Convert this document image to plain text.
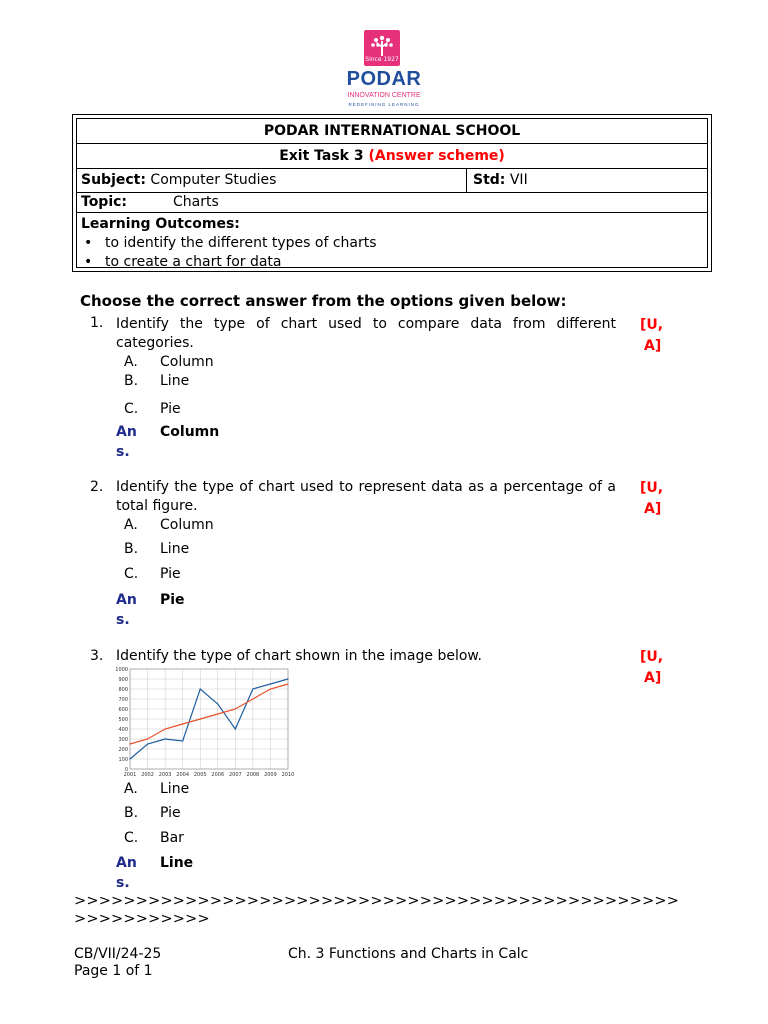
Since 1927
PODAR
INNOVATION CENTRE
REDEFINING LEARNING
PODAR INTERNATIONAL SCHOOL
Exit Task 3 (Answer scheme)
Subject: Computer Studies	Std: VII
Topic:	Charts
Learning Outcomes:
• to identify the different types of charts
• to create a chart for data
Choose the correct answer from the options given below:
1. Identify the type of chart used to compare data from different categories.
[U,
A]
A. Column
B. Line
C. Pie
An
s.
Column
2. Identify the type of chart used to represent data as a percentage of a total figure.
[U,
A]
A. Column
B. Line
C. Pie
An
s.
Pie
3. Identify the type of chart shown in the image below.	[U,
A]
1000
900
800
700
600
500
400
300
200
100
0
2001 2002 2003 2004 2005 2006 2007 2008 2009 2010
A. Line
B. Pie
C. Bar
An
s.
Line
>>>>>>>>>>>>>>>>>>>>>>>>>>>>>>>>>>>>>>>>>>>>>>>>>
>>>>>>>>>>>
CB/VII/24-25	Ch. 3 Functions and Charts in Calc
Page 1 of 1
